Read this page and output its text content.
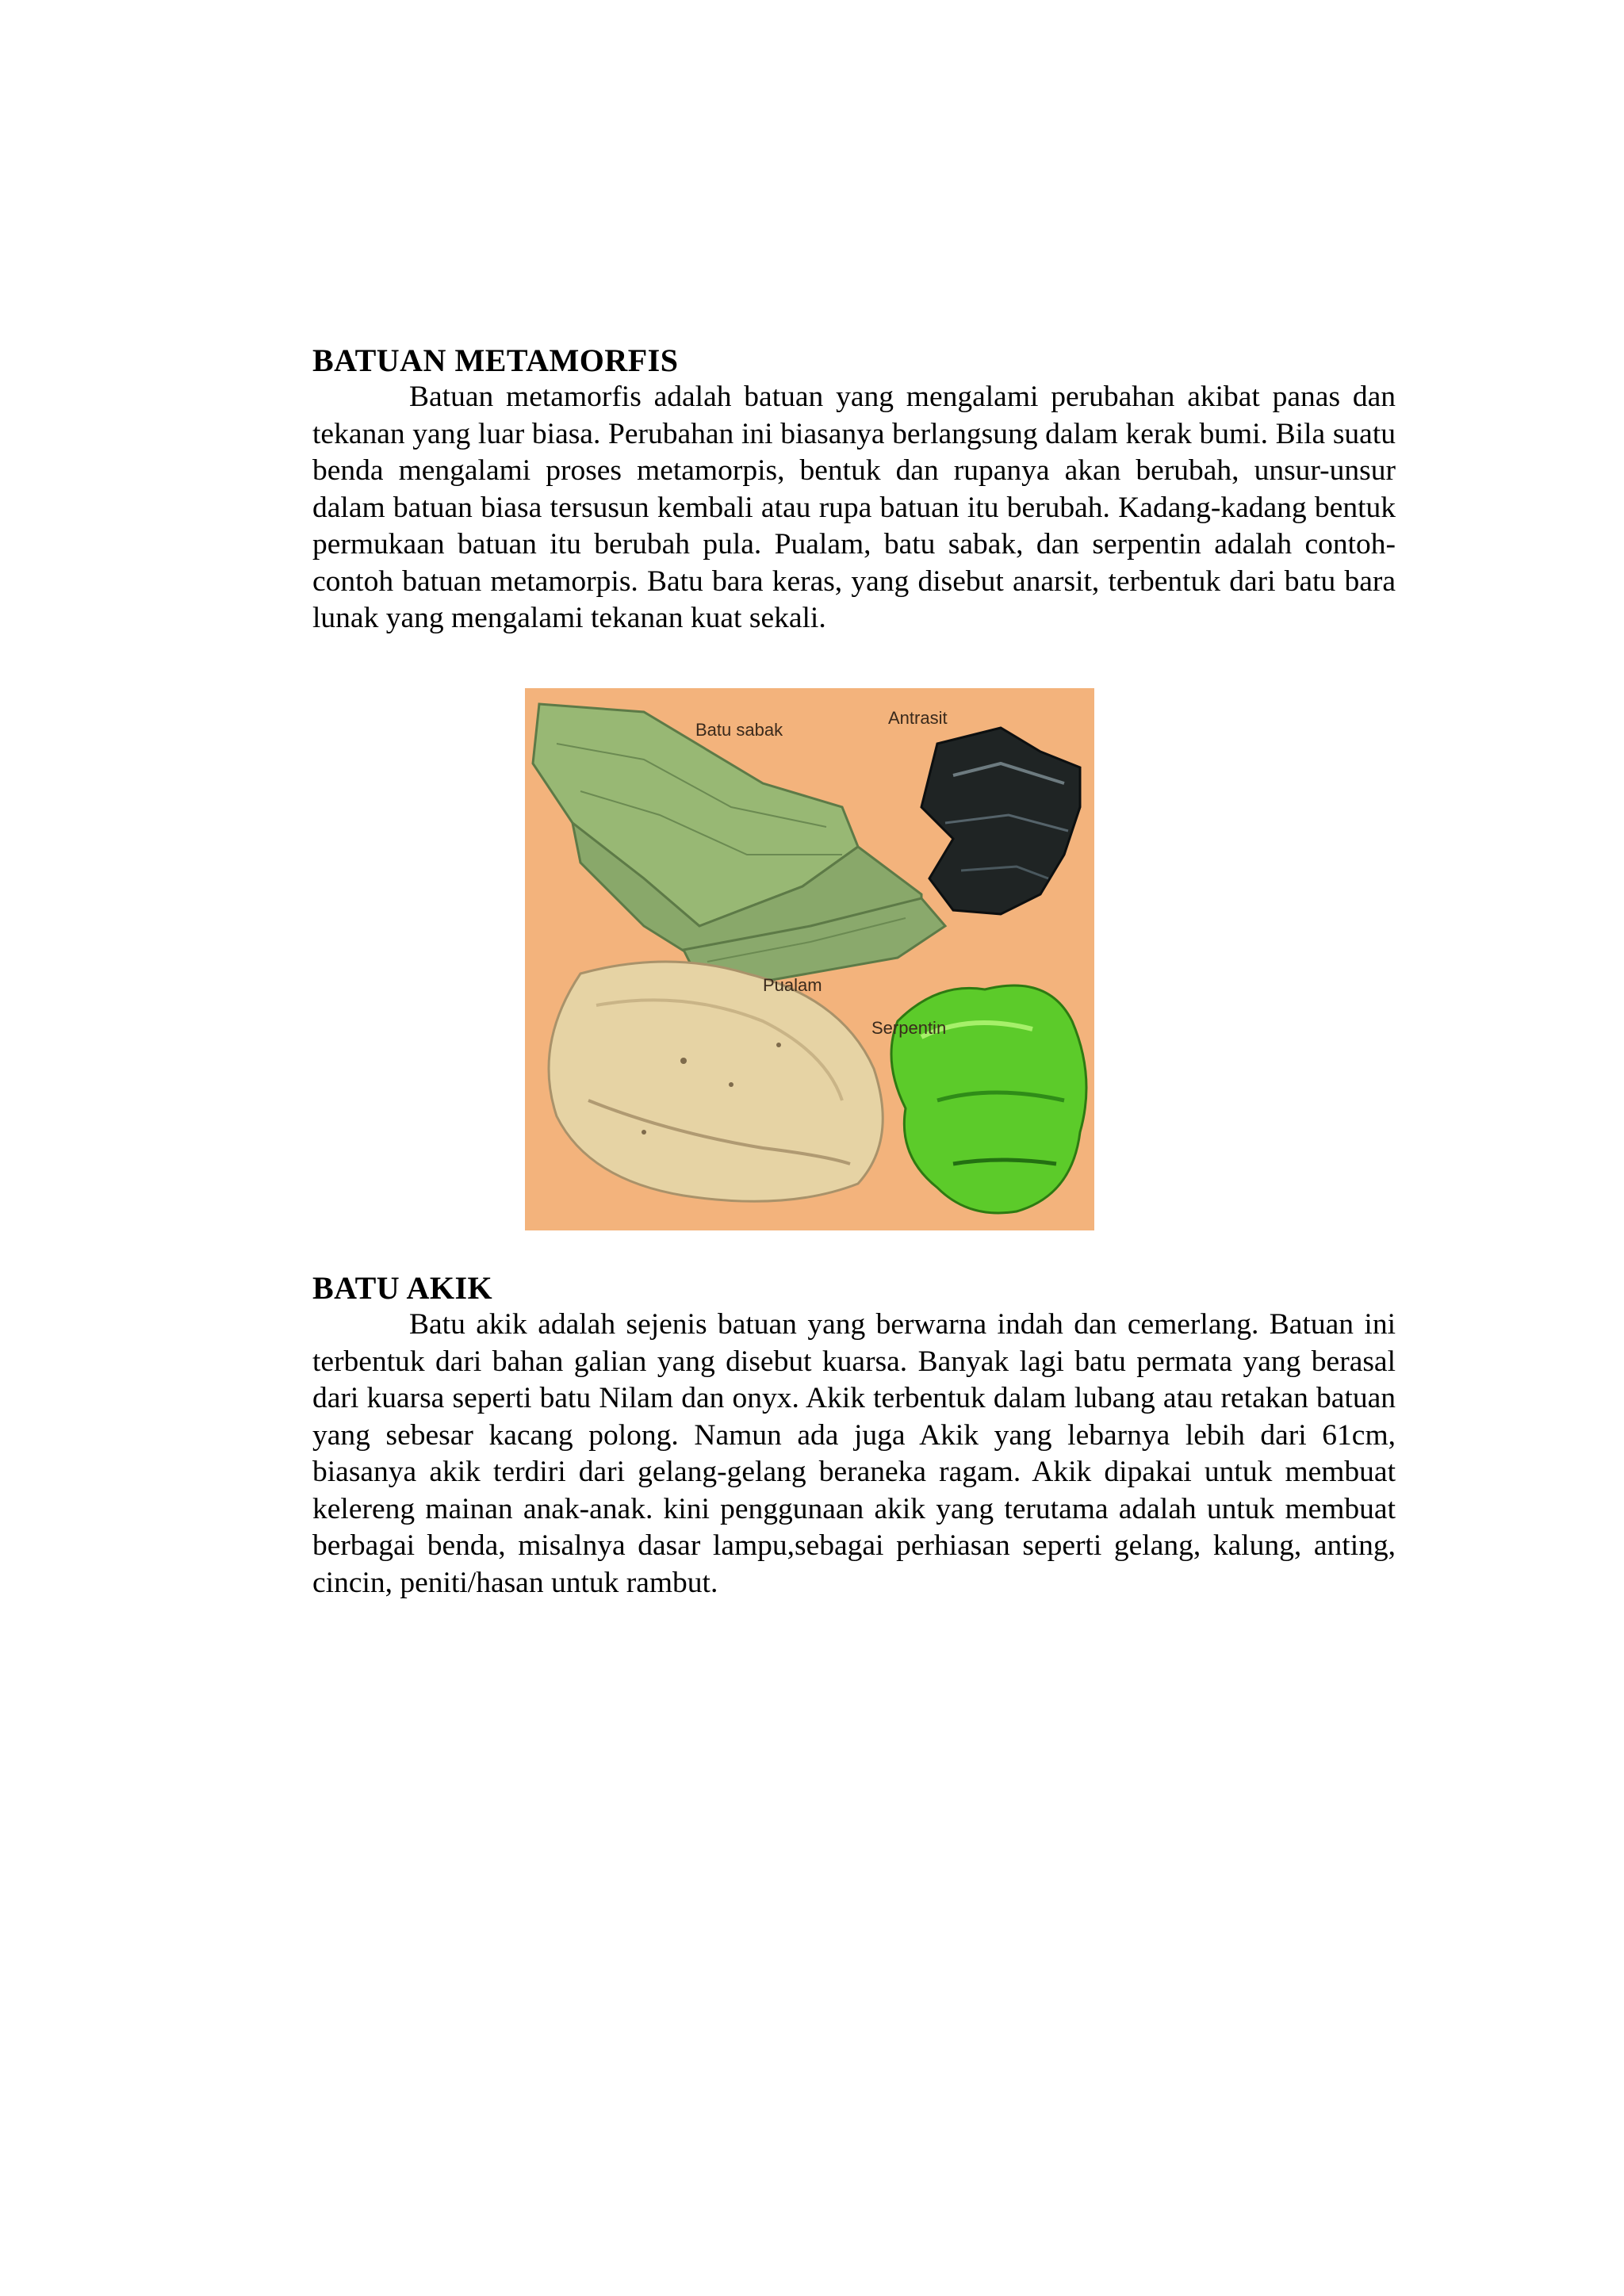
BATUAN METAMORFIS

Batuan metamorfis adalah batuan yang mengalami perubahan akibat panas dan tekanan yang luar biasa. Perubahan ini biasanya berlangsung dalam kerak bumi. Bila suatu benda mengalami proses metamorpis, bentuk dan rupanya akan berubah, unsur-unsur dalam batuan biasa tersusun kembali atau rupa batuan itu berubah. Kadang-kadang bentuk permukaan batuan itu berubah pula. Pualam, batu sabak, dan serpentin adalah contoh-contoh batuan metamorpis. Batu bara keras, yang disebut anarsit, terbentuk dari batu bara lunak yang mengalami tekanan kuat sekali.

Batu sabak
Antrasit
Pualam
Serpentin
BATU AKIK

Batu akik adalah sejenis batuan yang berwarna indah dan cemerlang. Batuan ini terbentuk dari bahan galian yang disebut kuarsa. Banyak lagi batu permata yang berasal dari kuarsa seperti batu Nilam dan onyx. Akik terbentuk dalam lubang atau retakan batuan yang sebesar kacang polong. Namun ada juga Akik yang lebarnya lebih dari 61cm, biasanya akik terdiri dari gelang-gelang beraneka ragam. Akik dipakai untuk membuat kelereng mainan anak-anak. kini penggunaan akik yang terutama adalah untuk membuat berbagai benda, misalnya dasar lampu,sebagai perhiasan seperti gelang, kalung, anting, cincin, peniti/hasan untuk rambut.
